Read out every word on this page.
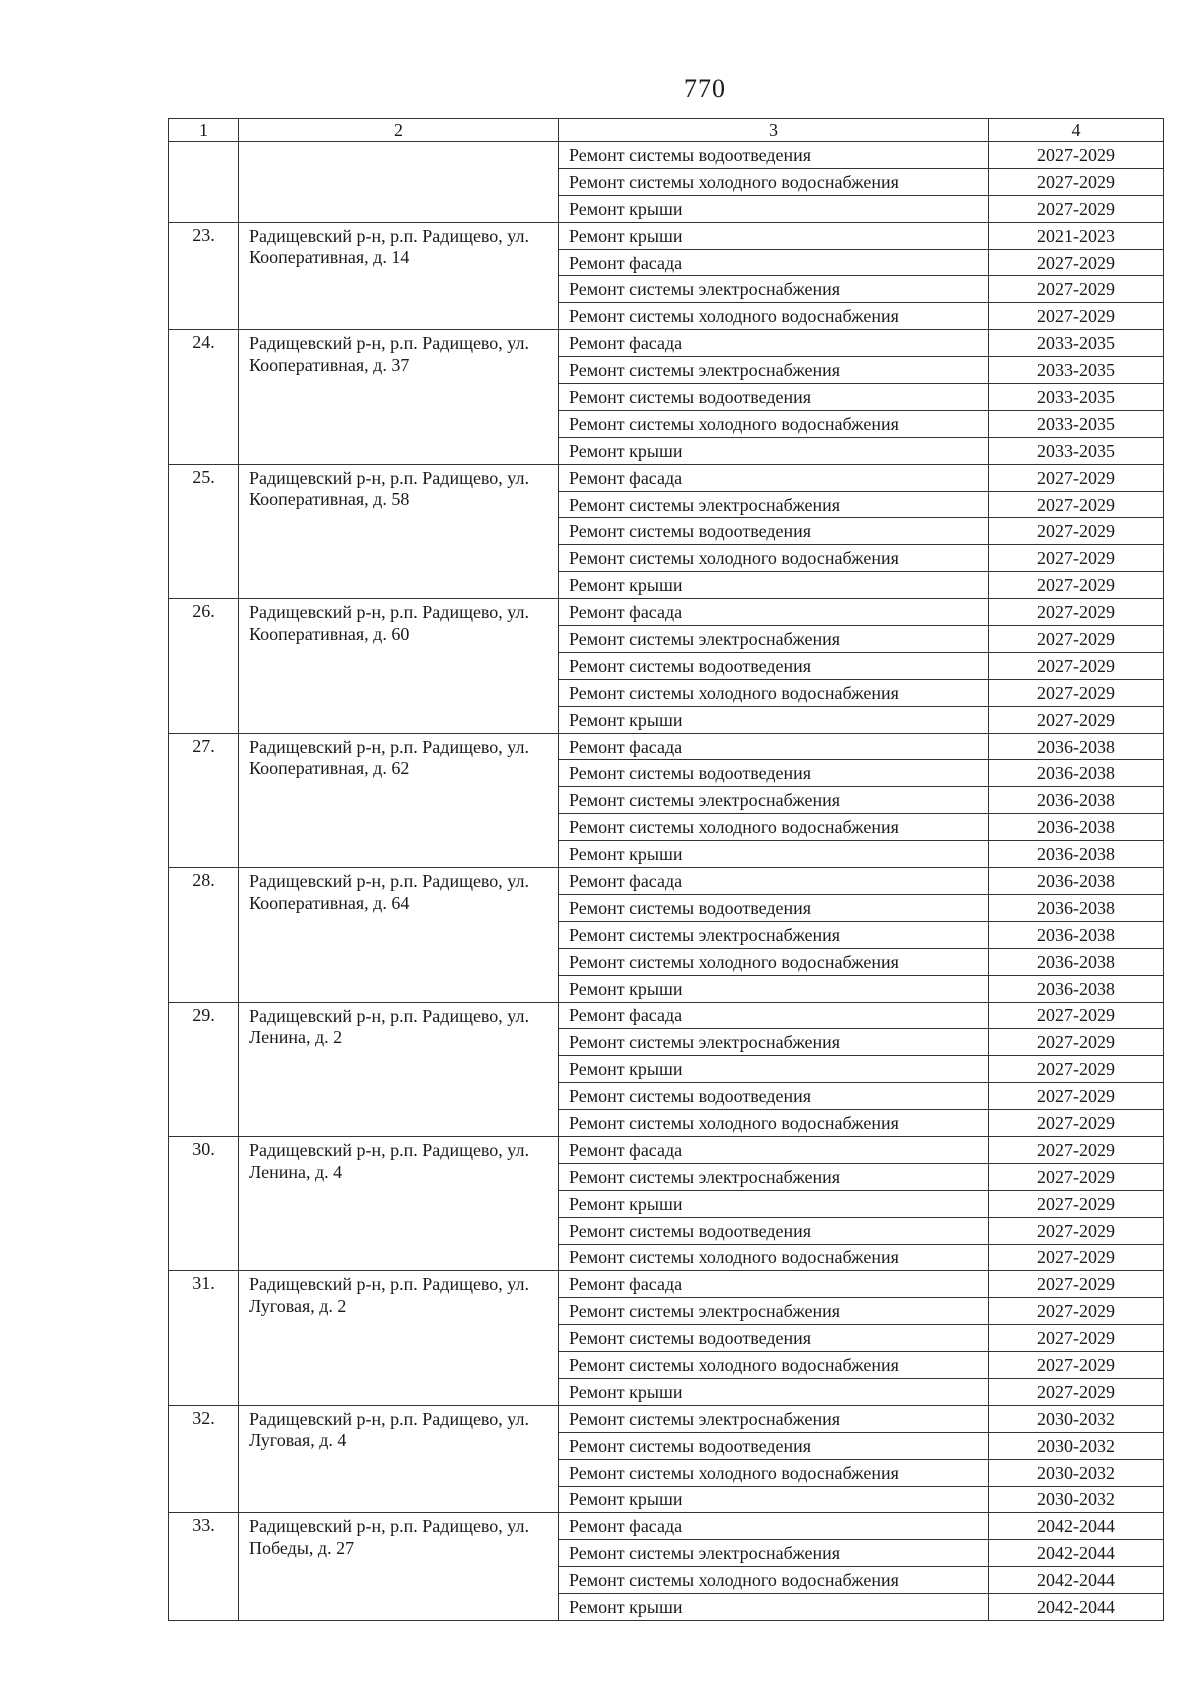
770
1	2	3	4
		Ремонт системы водоотведения	2027-2029
		Ремонт системы холодного водоснабжения	2027-2029
		Ремонт крыши	2027-2029
23.	Радищевский р-н, р.п. Радищево, ул. Кооперативная, д. 14	Ремонт крыши	2021-2023
		Ремонт фасада	2027-2029
		Ремонт системы электроснабжения	2027-2029
		Ремонт системы холодного водоснабжения	2027-2029
24.	Радищевский р-н, р.п. Радищево, ул. Кооперативная, д. 37	Ремонт фасада	2033-2035
		Ремонт системы электроснабжения	2033-2035
		Ремонт системы водоотведения	2033-2035
		Ремонт системы холодного водоснабжения	2033-2035
		Ремонт крыши	2033-2035
25.	Радищевский р-н, р.п. Радищево, ул. Кооперативная, д. 58	Ремонт фасада	2027-2029
		Ремонт системы электроснабжения	2027-2029
		Ремонт системы водоотведения	2027-2029
		Ремонт системы холодного водоснабжения	2027-2029
		Ремонт крыши	2027-2029
26.	Радищевский р-н, р.п. Радищево, ул. Кооперативная, д. 60	Ремонт фасада	2027-2029
		Ремонт системы электроснабжения	2027-2029
		Ремонт системы водоотведения	2027-2029
		Ремонт системы холодного водоснабжения	2027-2029
		Ремонт крыши	2027-2029
27.	Радищевский р-н, р.п. Радищево, ул. Кооперативная, д. 62	Ремонт фасада	2036-2038
		Ремонт системы водоотведения	2036-2038
		Ремонт системы электроснабжения	2036-2038
		Ремонт системы холодного водоснабжения	2036-2038
		Ремонт крыши	2036-2038
28.	Радищевский р-н, р.п. Радищево, ул. Кооперативная, д. 64	Ремонт фасада	2036-2038
		Ремонт системы водоотведения	2036-2038
		Ремонт системы электроснабжения	2036-2038
		Ремонт системы холодного водоснабжения	2036-2038
		Ремонт крыши	2036-2038
29.	Радищевский р-н, р.п. Радищево, ул. Ленина, д. 2	Ремонт фасада	2027-2029
		Ремонт системы электроснабжения	2027-2029
		Ремонт крыши	2027-2029
		Ремонт системы водоотведения	2027-2029
		Ремонт системы холодного водоснабжения	2027-2029
30.	Радищевский р-н, р.п. Радищево, ул. Ленина, д. 4	Ремонт фасада	2027-2029
		Ремонт системы электроснабжения	2027-2029
		Ремонт крыши	2027-2029
		Ремонт системы водоотведения	2027-2029
		Ремонт системы холодного водоснабжения	2027-2029
31.	Радищевский р-н, р.п. Радищево, ул. Луговая, д. 2	Ремонт фасада	2027-2029
		Ремонт системы электроснабжения	2027-2029
		Ремонт системы водоотведения	2027-2029
		Ремонт системы холодного водоснабжения	2027-2029
		Ремонт крыши	2027-2029
32.	Радищевский р-н, р.п. Радищево, ул. Луговая, д. 4	Ремонт системы электроснабжения	2030-2032
		Ремонт системы водоотведения	2030-2032
		Ремонт системы холодного водоснабжения	2030-2032
		Ремонт крыши	2030-2032
33.	Радищевский р-н, р.п. Радищево, ул. Победы, д. 27	Ремонт фасада	2042-2044
		Ремонт системы электроснабжения	2042-2044
		Ремонт системы холодного водоснабжения	2042-2044
		Ремонт крыши	2042-2044
